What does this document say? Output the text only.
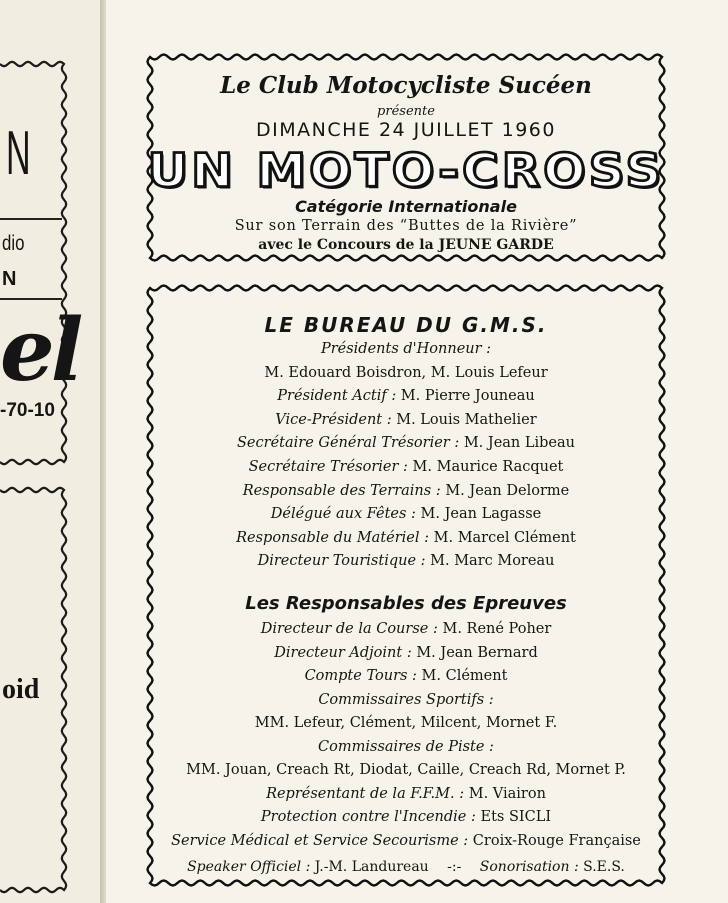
N
dio
N
el
-70-10
oid
Le Club Motocycliste Sucéen
présente
DIMANCHE 24 JUILLET 1960
UN MOTO-CROSS
Catégorie Internationale
Sur son Terrain des “Buttes de la Rivière”
avec le Concours de la JEUNE GARDE
LE BUREAU DU G.M.S.
Présidents d'Honneur :
M. Edouard Boisdron, M. Louis Lefeur
Président Actif : M. Pierre Jouneau
Vice-Président : M. Louis Mathelier
Secrétaire Général Trésorier : M. Jean Libeau
Secrétaire Trésorier : M. Maurice Racquet
Responsable des Terrains : M. Jean Delorme
Délégué aux Fêtes : M. Jean Lagasse
Responsable du Matériel : M. Marcel Clément
Directeur Touristique : M. Marc Moreau
Les Responsables des Epreuves
Directeur de la Course : M. René Poher
Directeur Adjoint : M. Jean Bernard
Compte Tours : M. Clément
Commissaires Sportifs :
MM. Lefeur, Clément, Milcent, Mornet F.
Commissaires de Piste :
MM. Jouan, Creach Rt, Diodat, Caille, Creach Rd, Mornet P.
Représentant de la F.F.M. : M. Viairon
Protection contre l'Incendie : Ets SICLI
Service Médical et Service Secourisme : Croix-Rouge Française
Speaker Officiel : J.-M. Landureau -:- Sonorisation : S.E.S.
